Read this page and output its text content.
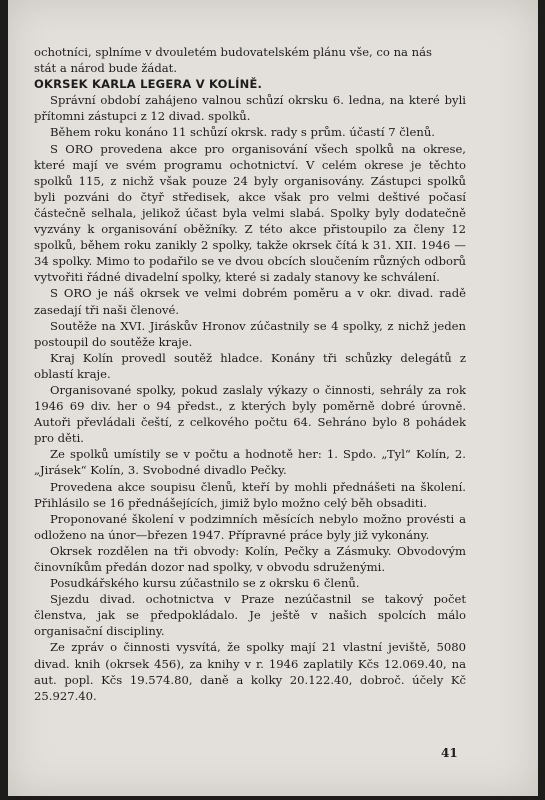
ochotníci, splníme v dvouletém budovatelském plánu vše, co na nás

stát a národ bude žádat.

OKRSEK KARLA LEGERA V KOLÍNĚ.

Správní období zahájeno valnou schůzí okrsku 6. ledna, na které byli přítomni zástupci z 12 divad. spolků.

Během roku konáno 11 schůzí okrsk. rady s prům. účastí 7 členů.

S ORO provedena akce pro organisování všech spolků na okrese, které mají ve svém programu ochotnictví. V celém okrese je těchto spolků 115, z nichž však pouze 24 byly organisovány. Zástupci spolků byli pozváni do čtyř středisek, akce však pro velmi deštivé počasí částečně selhala, jelikož účast byla velmi slabá. Spolky byly dodatečně vyzvány k organisování oběžníky. Z této akce přistoupilo za členy 12 spolků, během roku zanikly 2 spolky, takže okrsek čítá k 31. XII. 1946 — 34 spolky. Mimo to podařilo se ve dvou obcích sloučením různých odborů vytvořiti řádné divadelní spolky, které si zadaly stanovy ke schválení.

S ORO je náš okrsek ve velmi dobrém poměru a v okr. divad. radě zasedají tři naši členové.

Soutěže na XVI. Jiráskův Hronov zúčastnily se 4 spolky, z nichž jeden postoupil do soutěže kraje.

Kraj Kolín provedl soutěž hladce. Konány tři schůzky delegátů z oblastí kraje.

Organisované spolky, pokud zaslaly výkazy o činnosti, sehrály za rok 1946 69 div. her o 94 předst., z kterých byly poměrně dobré úrovně. Autoři převládali čeští, z celkového počtu 64. Sehráno bylo 8 pohádek pro děti.

Ze spolků umístily se v počtu a hodnotě her: 1. Spdo. „Tyl“ Kolín, 2. „Jirásek“ Kolín, 3. Svobodné divadlo Pečky.

Provedena akce soupisu členů, kteří by mohli přednášeti na školení. Přihlásilo se 16 přednášejících, jimiž bylo možno celý běh obsaditi.

Proponované školení v podzimních měsících nebylo možno provésti a odloženo na únor—březen 1947. Přípravné práce byly již vykonány.

Okrsek rozdělen na tři obvody: Kolín, Pečky a Zásmuky. Obvodovým činovníkům předán dozor nad spolky, v obvodu sdruženými.

Posudkářského kursu zúčastnilo se z okrsku 6 členů.

Sjezdu divad. ochotnictva v Praze nezúčastnil se takový počet členstva, jak se předpokládalo. Je ještě v našich spolcích málo organisační discipliny.

Ze zpráv o činnosti vysvítá, že spolky mají 21 vlastní jeviště, 5080 divad. knih (okrsek 456), za knihy v r. 1946 zaplatily Kčs 12.069.40, na aut. popl. Kčs 19.574.80, daně a kolky 20.122.40, dobroč. účely Kč 25.927.40.

41
